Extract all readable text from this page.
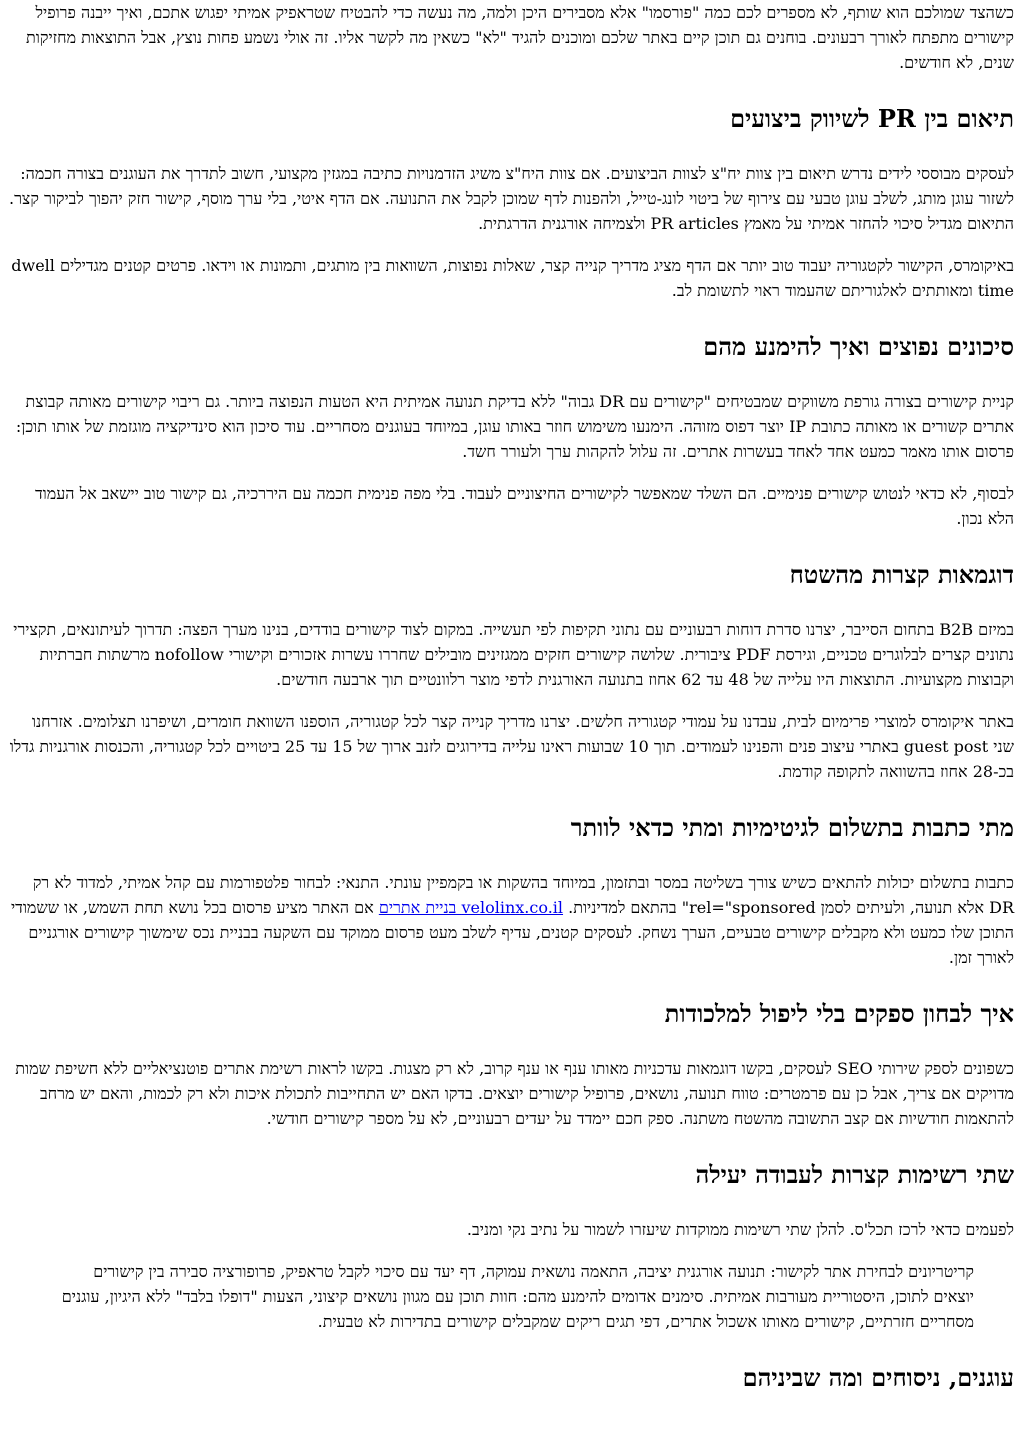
כשהצד שמולכם הוא שותף, לא מספרים לכם כמה "פורסמו" אלא מסבירים היכן ולמה, מה נעשה כדי להבטיח שטראפיק אמיתי יפגוש אתכם, ואיך ייבנה פרופיל קישורים מתפתח לאורך רבעונים. בוחנים גם תוכן קיים באתר שלכם ומוכנים להגיד "לא" כשאין מה לקשר אליו. זה אולי נשמע פחות נוצץ, אבל התוצאות מחזיקות שנים, לא חודשים.

תיאום בין PR לשיווק ביצועים

לעסקים מבוססי לידים נדרש תיאום בין צוות יח"צ לצוות הביצועים. אם צוות היח"צ משיג הזדמנויות כתיבה במגזין מקצועי, חשוב לתדרך את העוגנים בצורה חכמה: לשזור עוגן מותג, לשלב עוגן טבעי עם צירוף של ביטוי לונג-טייל, ולהפנות לדף שמוכן לקבל את התנועה. אם הדף איטי, בלי ערך מוסף, קישור חזק יהפוך לביקור קצר. התיאום מגדיל סיכוי להחזר אמיתי על מאמץ PR articles ולצמיחה אורגנית הדרגתית.

באיקומרס, הקישור לקטגוריה יעבוד טוב יותר אם הדף מציג מדריך קנייה קצר, שאלות נפוצות, השוואות בין מותגים, ותמונות או וידאו. פרטים קטנים מגדילים dwell time ומאותתים לאלגוריתם שהעמוד ראוי לתשומת לב.

סיכונים נפוצים ואיך להימנע מהם

קניית קישורים בצורה גורפת משווקים שמבטיחים "קישורים עם DR גבוה" ללא בדיקת תנועה אמיתית היא הטעות הנפוצה ביותר. גם ריבוי קישורים מאותה קבוצת אתרים קשורים או מאותה כתובת IP יוצר דפוס מזוהה. הימנעו משימוש חוזר באותו עוגן, במיוחד בעוגנים מסחריים. עוד סיכון הוא סינדיקציה מוגזמת של אותו תוכן: פרסום אותו מאמר כמעט אחד לאחד בעשרות אתרים. זה עלול להקהות ערך ולעורר חשד.

לבסוף, לא כדאי לנטוש קישורים פנימיים. הם השלד שמאפשר לקישורים החיצוניים לעבוד. בלי מפה פנימית חכמה עם היררכיה, גם קישור טוב יישאב אל העמוד הלא נכון.

דוגמאות קצרות מהשטח

במיזם B2B בתחום הסייבר, יצרנו סדרת דוחות רבעוניים עם נתוני תקיפות לפי תעשייה. במקום לצוד קישורים בודדים, בנינו מערך הפצה: תדרוך לעיתונאים, תקצירי נתונים קצרים לבלוגרים טכניים, וגירסת PDF ציבורית. שלושה קישורים חזקים ממגזינים מובילים שחררו עשרות אזכורים וקישורי nofollow מרשתות חברתיות וקבוצות מקצועיות. התוצאות היו עלייה של 48 עד 62 אחוז בתנועה האורגנית לדפי מוצר רלוונטיים תוך ארבעה חודשים.

באתר איקומרס למוצרי פרימיום לבית, עבדנו על עמודי קטגוריה חלשים. יצרנו מדריך קנייה קצר לכל קטגוריה, הוספנו השוואת חומרים, ושיפרנו תצלומים. אזרחנו שני guest post באתרי עיצוב פנים והפנינו לעמודים. תוך 10 שבועות ראינו עלייה בדירוגים לזנב ארוך של 15 עד 25 ביטויים לכל קטגוריה, והכנסות אורגניות גדלו בכ-28 אחוז בהשוואה לתקופה קודמת.

מתי כתבות בתשלום לגיטימיות ומתי כדאי לוותר

כתבות בתשלום יכולות להתאים כשיש צורך בשליטה במסר ובתזמון, במיוחד בהשקות או בקמפיין עונתי. התנאי: לבחור פלטפורמות עם קהל אמיתי, למדוד לא רק DR אלא תנועה, ולעיתים לסמן rel="sponsored" בהתאם למדיניות. velolinx.co.il בניית אתרים אם האתר מציע פרסום בכל נושא תחת השמש, או ששמודי התוכן שלו כמעט ולא מקבלים קישורים טבעיים, הערך נשחק. לעסקים קטנים, עדיף לשלב מעט פרסום ממוקד עם השקעה בבניית נכס שימשוך קישורים אורגניים לאורך זמן.

איך לבחון ספקים בלי ליפול למלכודות

כשפונים לספק שירותי SEO לעסקים, בקשו דוגמאות עדכניות מאותו ענף או ענף קרוב, לא רק מצגות. בקשו לראות רשימת אתרים פוטנציאליים ללא חשיפת שמות מדויקים אם צריך, אבל כן עם פרמטרים: טווח תנועה, נושאים, פרופיל קישורים יוצאים. בדקו האם יש התחייבות לתכולת איכות ולא רק לכמות, והאם יש מרחב להתאמות חודשיות אם קצב התשובה מהשטח משתנה. ספק חכם יימדד על יעדים רבעוניים, לא על מספר קישורים חודשי.

שתי רשימות קצרות לעבודה יעילה

לפעמים כדאי לרכז תכל'ס. להלן שתי רשימות ממוקדות שיעזרו לשמור על נתיב נקי ומניב.

קריטריונים לבחירת אתר לקישור: תנועה אורגנית יציבה, התאמה נושאית עמוקה, דף יעד עם סיכוי לקבל טראפיק, פרופורציה סבירה בין קישורים יוצאים לתוכן, היסטוריית מעורבות אמיתית. סימנים אדומים להימנע מהם: חוות תוכן עם מגוון נושאים קיצוני, הצעות "דופלו בלבד" ללא היגיון, עוגנים מסחריים חזרתיים, קישורים מאותו אשכול אתרים, דפי תגים ריקים שמקבלים קישורים בתדירות לא טבעית.
עוגנים, ניסוחים ומה שביניהם
